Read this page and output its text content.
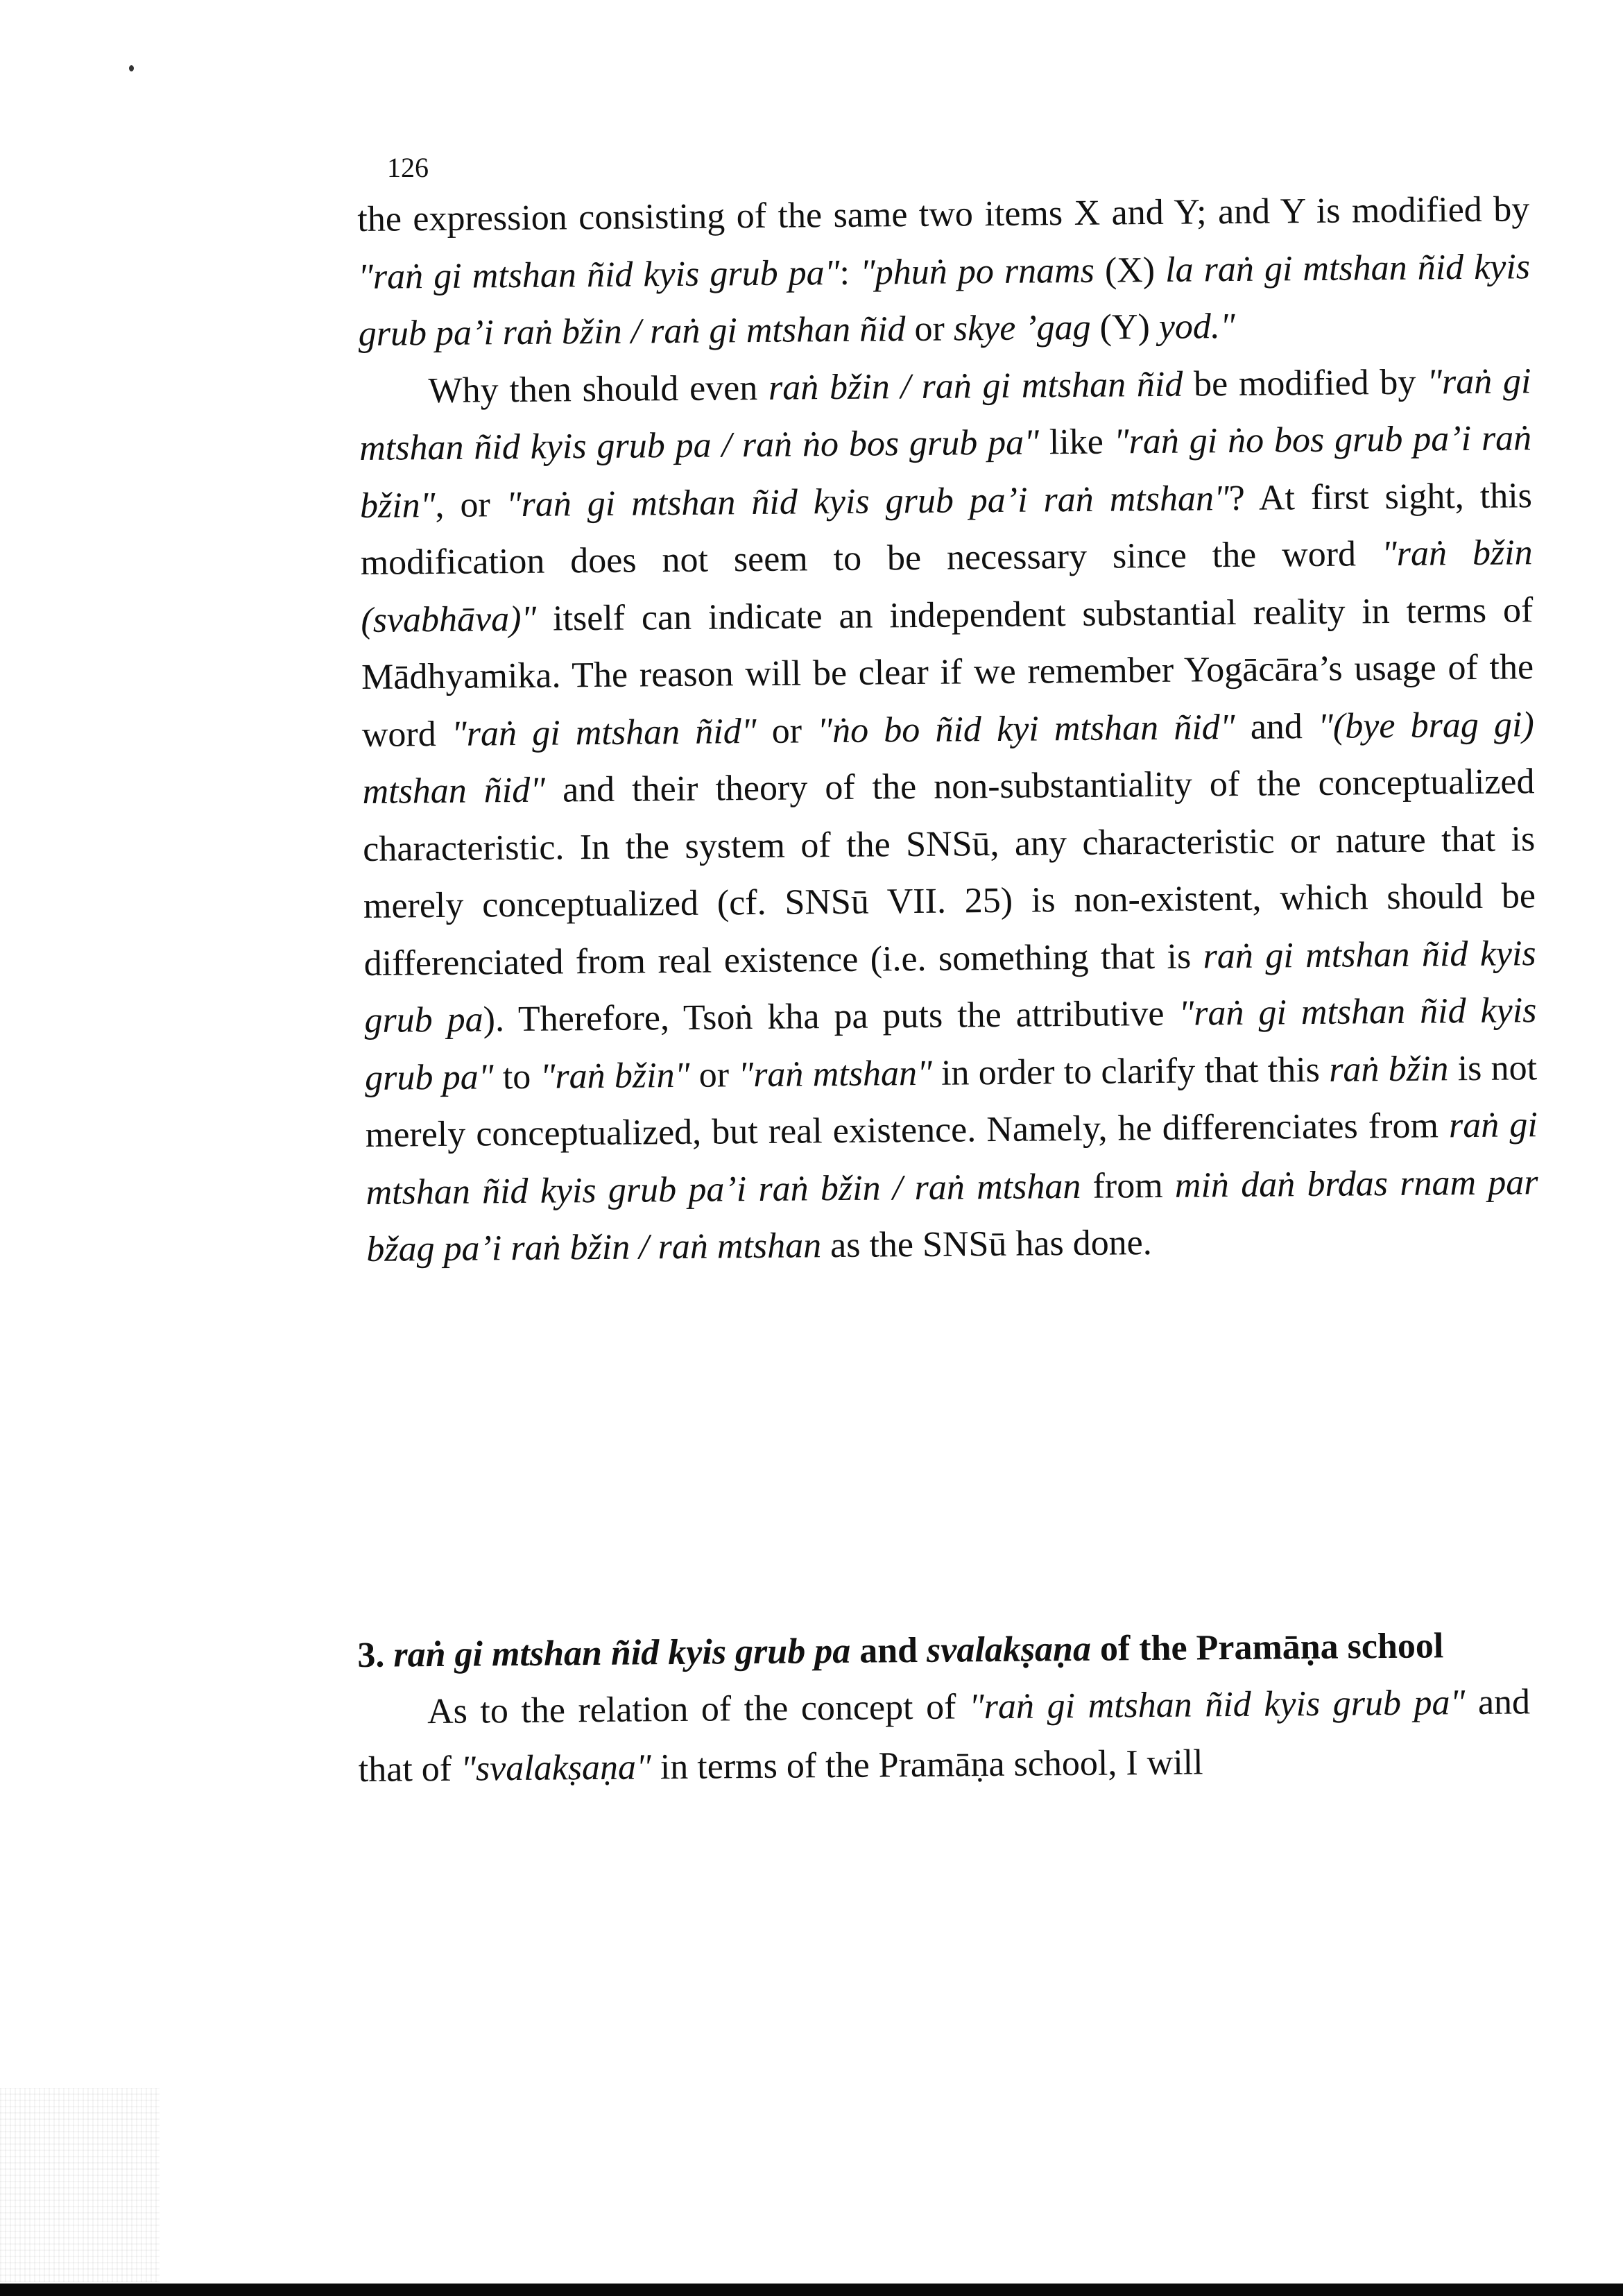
126

the expression consisting of the same two items X and Y; and Y is modified by "raṅ gi mtshan ñid kyis grub pa": "phuṅ po rnams (X) la raṅ gi mtshan ñid kyis grub pa’i raṅ bžin / raṅ gi mtshan ñid or skye ’gag (Y) yod."

Why then should even raṅ bžin / raṅ gi mtshan ñid be modified by "raṅ gi mtshan ñid kyis grub pa / raṅ ṅo bos grub pa" like "raṅ gi ṅo bos grub pa’i raṅ bžin", or "raṅ gi mtshan ñid kyis grub pa’i raṅ mtshan"? At first sight, this modification does not seem to be necessary since the word "raṅ bžin (svabhāva)" itself can indicate an independent substantial reality in terms of Mādhyamika. The reason will be clear if we remember Yogācāra’s usage of the word "raṅ gi mtshan ñid" or "ṅo bo ñid kyi mtshan ñid" and "(bye brag gi) mtshan ñid" and their theory of the non-substantiality of the conceptualized characteristic. In the system of the SNSū, any characteristic or nature that is merely conceptualized (cf. SNSū VII. 25) is non-existent, which should be differenciated from real existence (i.e. something that is raṅ gi mtshan ñid kyis grub pa). Therefore, Tsoṅ kha pa puts the attributive "raṅ gi mtshan ñid kyis grub pa" to "raṅ bžin" or "raṅ mtshan" in order to clarify that this raṅ bžin is not merely conceptualized, but real existence. Namely, he differenciates from raṅ gi mtshan ñid kyis grub pa’i raṅ bžin / raṅ mtshan from miṅ daṅ brdas rnam par bžag pa’i raṅ bžin / raṅ mtshan as the SNSū has done.

3. raṅ gi mtshan ñid kyis grub pa and svalakṣaṇa of the Pramāṇa school

As to the relation of the concept of "raṅ gi mtshan ñid kyis grub pa" and that of "svalakṣaṇa" in terms of the Pramāṇa school, I will
